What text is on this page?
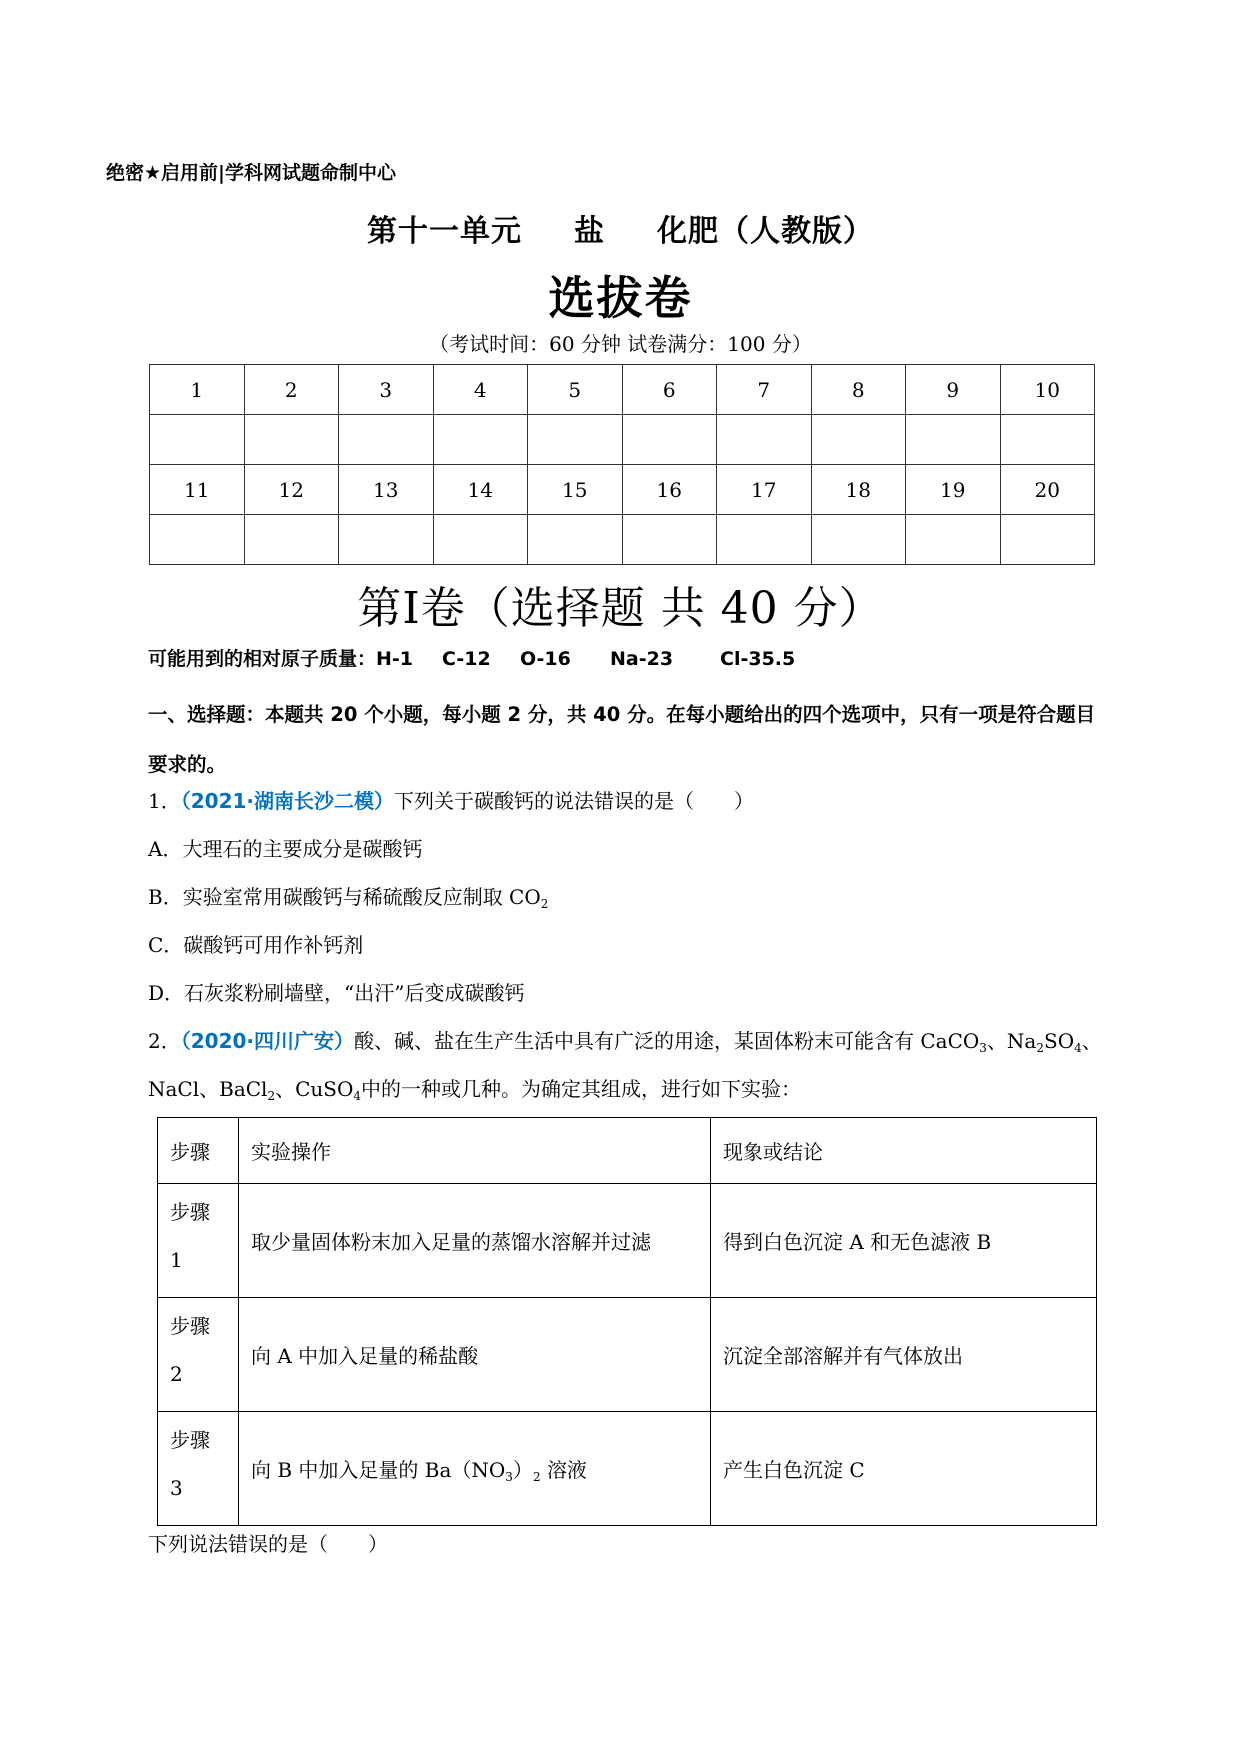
绝密★启用前|学科网试题命制中心
第十一单元 盐 化肥（人教版）
选拔卷
（考试时间：60 分钟 试卷满分：100 分）
1	2	3	4	5	6	7	8	9	10

11	12	13	14	15	16	17	18	19	20

第I卷（选择题 共 40 分）
可能用到的相对原子质量：H-1 C-12 O-16 Na-23 Cl-35.5
一、选择题：本题共 20 个小题，每小题 2 分，共 40 分。在每小题给出的四个选项中，只有一项是符合题目要求的。
1．（2021·湖南长沙二模）下列关于碳酸钙的说法错误的是（　　）
A．大理石的主要成分是碳酸钙
B．实验室常用碳酸钙与稀硫酸反应制取 $CO_2$
C．碳酸钙可用作补钙剂
D．石灰浆粉刷墙壁，“出汗”后变成碳酸钙
2．（2020·四川广安）酸、碱、盐在生产生活中具有广泛的用途，某固体粉末可能含有 CaCO$_3$、$Na_2SO_4$、
NaCl、BaCl$_2$、CuSO$_4$中的一种或几种。为确定其组成，进行如下实验：
步骤	实验操作	现象或结论
步骤
1	取少量固体粉末加入足量的蒸馏水溶解并过滤	得到白色沉淀 A 和无色滤液 B
步骤
2	向 A 中加入足量的稀盐酸	沉淀全部溶解并有气体放出
步骤
3	向 B 中加入足量的 $Ba(NO_3)_2$ 溶液	产生白色沉淀 C
下列说法错误的是（　　）
